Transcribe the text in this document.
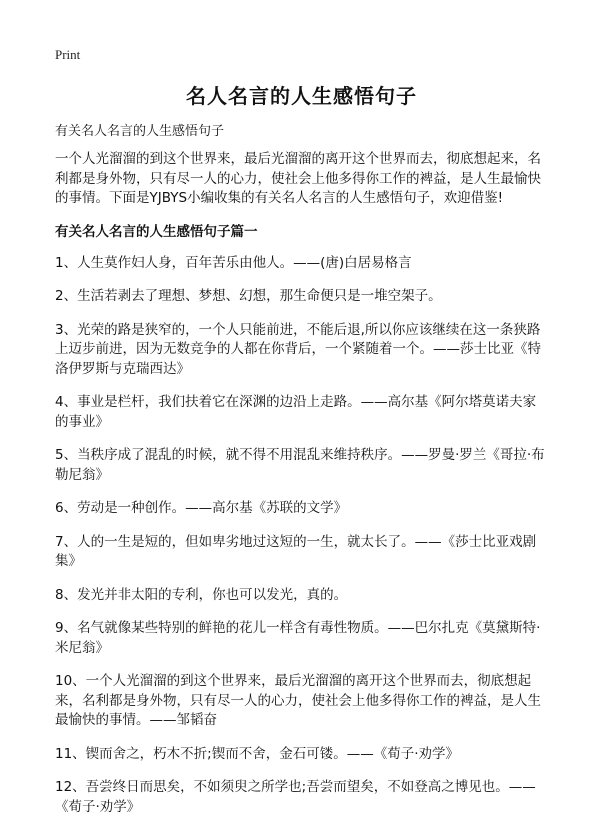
Print
名人名言的人生感悟句子
有关名人名言的人生感悟句子

一个人光溜溜的到这个世界来，最后光溜溜的离开这个世界而去，彻底想起来，名利都是身外物，只有尽一人的心力，使社会上他多得你工作的裨益，是人生最愉快的事情。下面是YJBYS小编收集的有关名人名言的人生感悟句子，欢迎借鉴!

有关名人名言的人生感悟句子篇一
1、人生莫作妇人身，百年苦乐由他人。——(唐)白居易格言
2、生活若剥去了理想、梦想、幻想，那生命便只是一堆空架子。
3、光荣的路是狭窄的，一个人只能前进，不能后退,所以你应该继续在这一条狭路上迈步前进，因为无数竞争的人都在你背后，一个紧随着一个。——莎士比亚《特洛伊罗斯与克瑞西达》
4、事业是栏杆，我们扶着它在深渊的边沿上走路。——高尔基《阿尔塔莫诺夫家的事业》
5、当秩序成了混乱的时候，就不得不用混乱来维持秩序。——罗曼·罗兰《哥拉·布勒尼翁》
6、劳动是一种创作。——高尔基《苏联的文学》
7、人的一生是短的，但如卑劣地过这短的一生，就太长了。——《莎士比亚戏剧集》
8、发光并非太阳的专利，你也可以发光，真的。
9、名气就像某些特别的鲜艳的花儿一样含有毒性物质。——巴尔扎克《莫黛斯特·米尼翁》
10、一个人光溜溜的到这个世界来，最后光溜溜的离开这个世界而去，彻底想起来，名利都是身外物，只有尽一人的心力，使社会上他多得你工作的裨益，是人生最愉快的事情。——邹韬奋
11、锲而舍之，朽木不折;锲而不舍，金石可镂。——《荀子·劝学》
12、吾尝终日而思矣，不如须臾之所学也;吾尝而望矣，不如登高之博见也。——《荀子·劝学》
